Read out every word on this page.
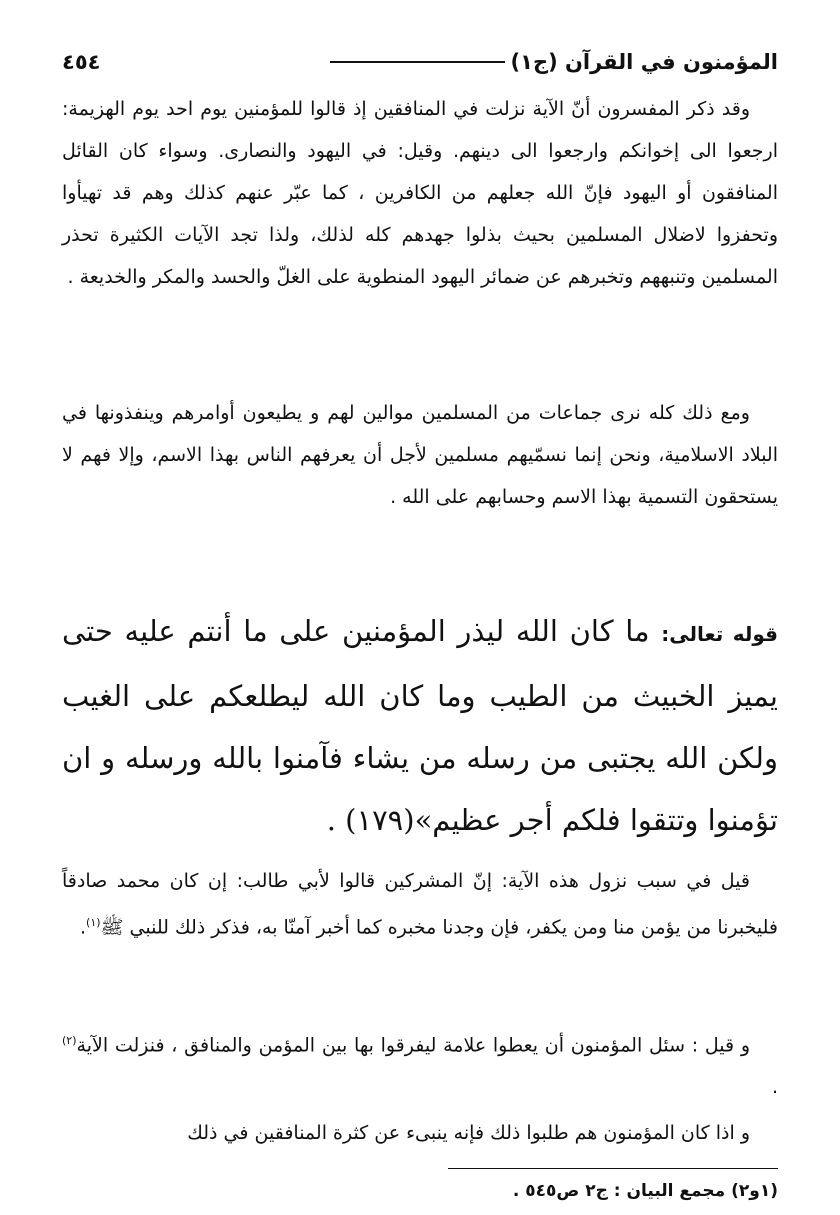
المؤمنون في القرآن (ج١)
٤٥٤

وقد ذكر المفسرون أنّ الآية نزلت في المنافقين إذ قالوا للمؤمنين يوم احد يوم الهزيمة: ارجعوا الى إخوانكم وارجعوا الى دينهم. وقيل: في اليهود والنصارى. وسواء كان القائل المنافقون أو اليهود فإنّ الله جعلهم من الكافرين ، كما عبّر عنهم كذلك وهم قد تهيأوا وتحفزوا لاضلال المسلمين بحيث بذلوا جهدهم كله لذلك، ولذا تجد الآيات الكثيرة تحذر المسلمين وتنبههم وتخبرهم عن ضمائر اليهود المنطوية على الغلّ والحسد والمكر والخديعة .

ومع ذلك كله نرى جماعات من المسلمين موالين لهم و يطيعون أوامرهم وينفذونها في البلاد الاسلامية، ونحن إنما نسمّيهم مسلمين لأجل أن يعرفهم الناس بهذا الاسم، وإلا فهم لا يستحقون التسمية بهذا الاسم وحسابهم على الله .

قوله تعالى: ما كان الله ليذر المؤمنين على ما أنتم عليه حتى يميز الخبيث من الطيب وما كان الله ليطلعكم على الغيب ولكن الله يجتبى من رسله من يشاء فآمنوا بالله ورسله و ان تؤمنوا وتتقوا فلكم أجر عظيم»(١٧٩) .

قيل في سبب نزول هذه الآية: إنّ المشركين قالوا لأبي طالب: إن كان محمد صادقاً فليخبرنا من يؤمن منا ومن يكفر، فإن وجدنا مخبره كما أخبر آمنّا به، فذكر ذلك للنبي ﷺ$^{(١)}$.

و قيل : سئل المؤمنون أن يعطوا علامة ليفرقوا بها بين المؤمن والمنافق ، فنزلت الآية$^{(٢)}$ .

و اذا كان المؤمنون هم طلبوا ذلك فإنه ينبىء عن كثرة المنافقين في ذلك

(١و٢) مجمع البيان : ج٢ ص٥٤٥ .
